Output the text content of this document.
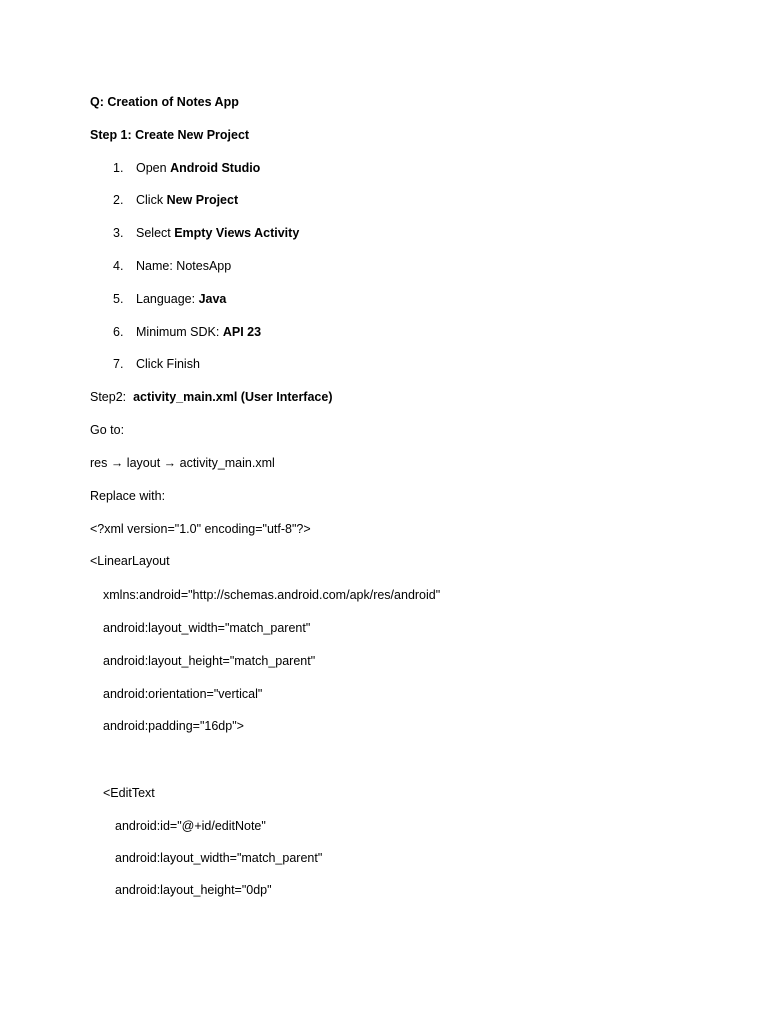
Q: Creation of Notes App
Step 1: Create New Project
1. Open Android Studio
2. Click New Project
3. Select Empty Views Activity
4. Name: NotesApp
5. Language: Java
6. Minimum SDK: API 23
7. Click Finish
Step2:  activity_main.xml (User Interface)
Go to:
res → layout → activity_main.xml
Replace with:
<?xml version="1.0" encoding="utf-8"?>
<LinearLayout
xmlns:android="http://schemas.android.com/apk/res/android"
android:layout_width="match_parent"
android:layout_height="match_parent"
android:orientation="vertical"
android:padding="16dp">
<EditText
android:id="@+id/editNote"
android:layout_width="match_parent"
android:layout_height="0dp"
